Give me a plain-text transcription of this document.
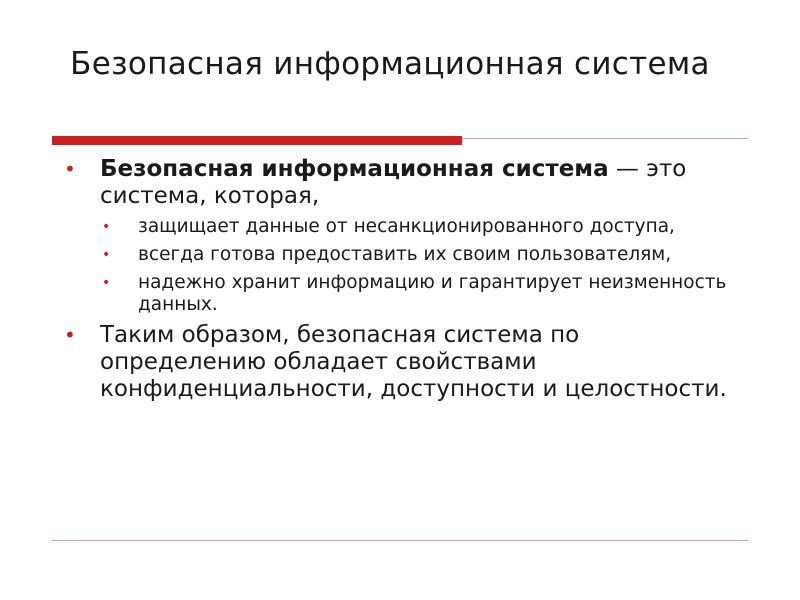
Безопасная информационная система
• Безопасная информационная система — это система, которая,
• защищает данные от несанкционированного доступа,
• всегда готова предоставить их своим пользователям,
• надежно хранит информацию и гарантирует неизменность данных.
• Таким образом, безопасная система по определению обладает свойствами конфиденциальности, доступности и целостности.
